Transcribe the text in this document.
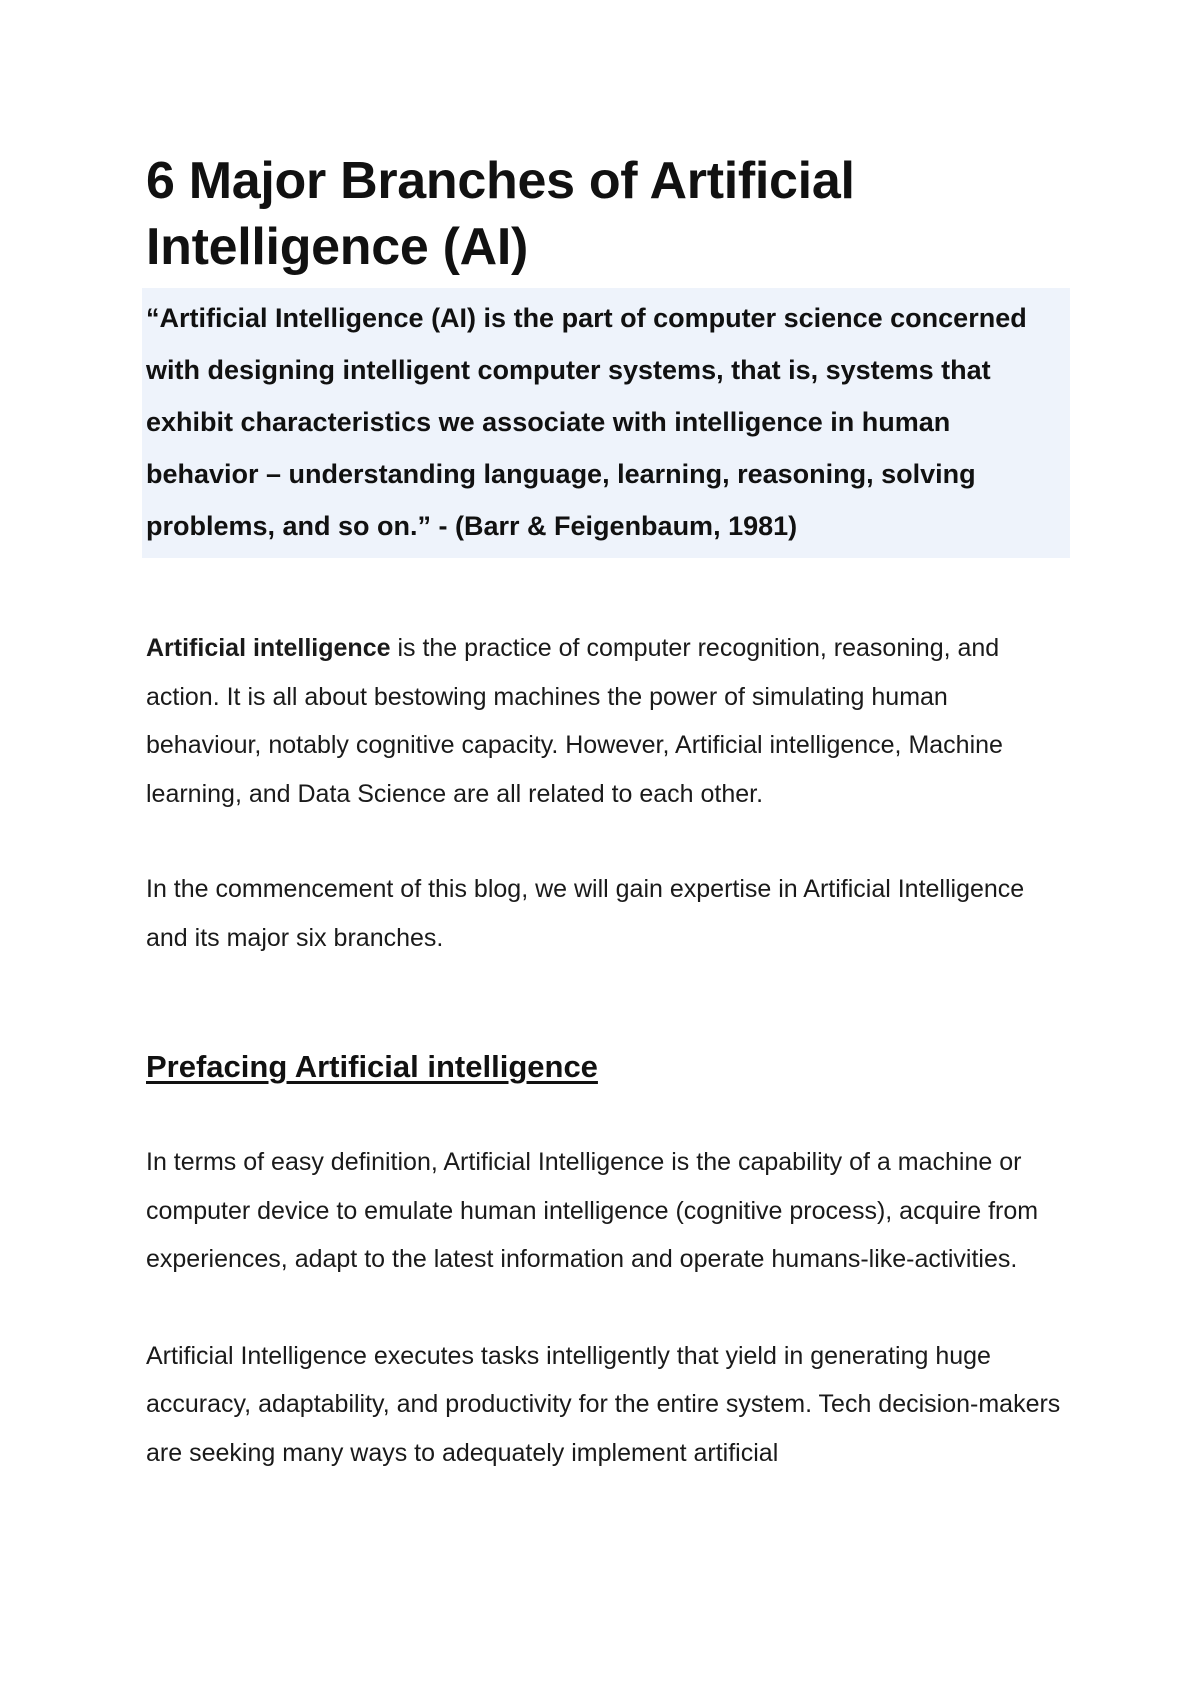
6 Major Branches of Artificial Intelligence (AI)
“Artificial Intelligence (AI) is the part of computer science concerned with designing intelligent computer systems, that is, systems that exhibit characteristics we associate with intelligence in human behavior – understanding language, learning, reasoning, solving problems, and so on.” - (Barr & Feigenbaum, 1981)

Artificial intelligence is the practice of computer recognition, reasoning, and action. It is all about bestowing machines the power of simulating human behaviour, notably cognitive capacity. However, Artificial intelligence, Machine learning, and Data Science are all related to each other.

In the commencement of this blog, we will gain expertise in Artificial Intelligence and its major six branches.

Prefacing Artificial intelligence

In terms of easy definition, Artificial Intelligence is the capability of a machine or computer device to emulate human intelligence (cognitive process), acquire from experiences, adapt to the latest information and operate humans-like-activities.

Artificial Intelligence executes tasks intelligently that yield in generating huge accuracy, adaptability, and productivity for the entire system. Tech decision-makers are seeking many ways to adequately implement artificial
